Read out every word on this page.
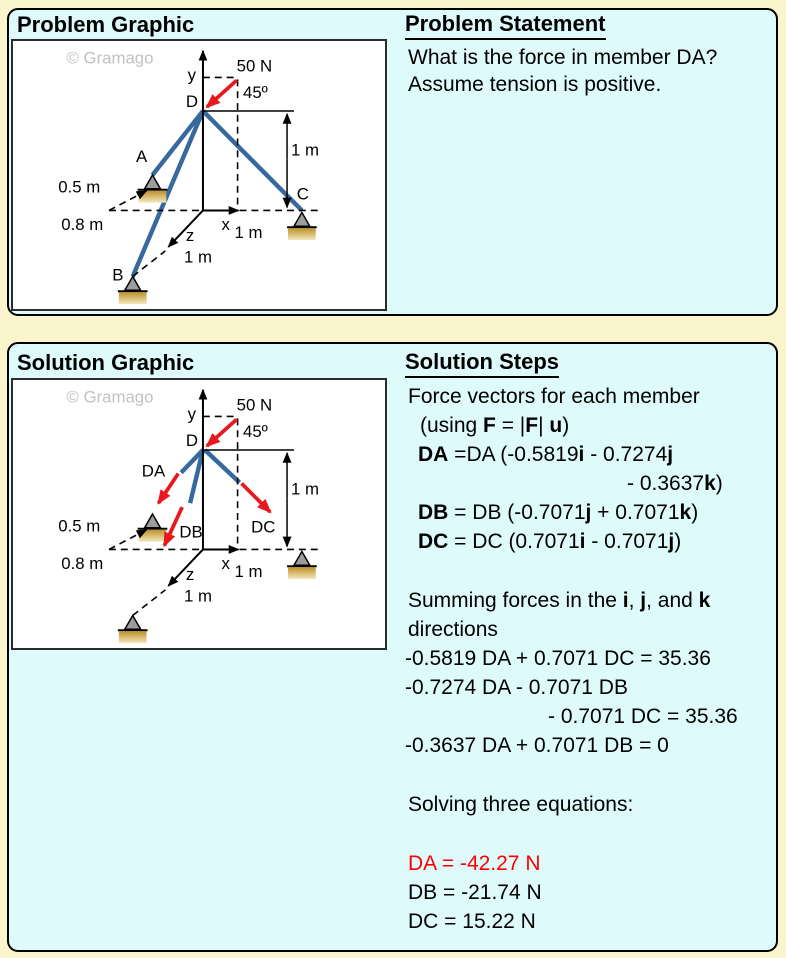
Problem Graphic
© Gramago
y
D
50 N
45º
A
B
C
x
z
1 m
1 m
1 m
0.5 m
0.8 m
Problem Statement
What is the force in member DA?
Assume tension is positive.
Solution Graphic
© Gramago
y
D
50 N
45º
DA
DB	DC
x
z
1 m
1 m
1 m
0.5 m
0.8 m
Solution Steps
Force vectors for each member
(using F = |F| u)
DA =DA (-0.5819i - 0.7274j
- 0.3637k)
DB = DB (-0.7071j + 0.7071k)
DC = DC (0.7071i - 0.7071j)
Summing forces in the i, j, and k
directions
-0.5819 DA + 0.7071 DC = 35.36
-0.7274 DA - 0.7071 DB
- 0.7071 DC = 35.36
-0.3637 DA + 0.7071 DB = 0
Solving three equations:
DA = -42.27 N
DB = -21.74 N
DC = 15.22 N
